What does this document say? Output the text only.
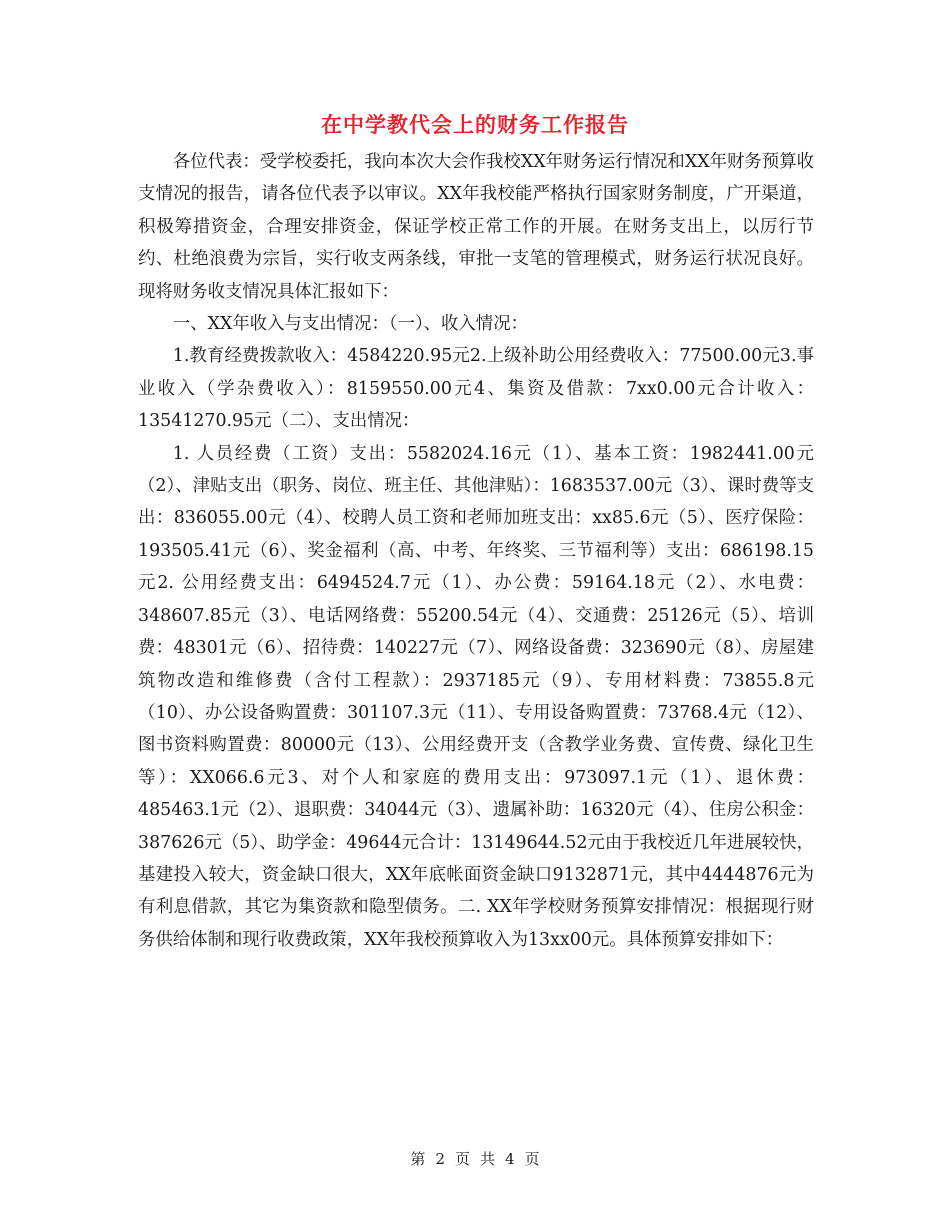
在中学教代会上的财务工作报告

各位代表：受学校委托，我向本次大会作我校XX年财务运行情况和XX年财务预算收支情况的报告，请各位代表予以审议。XX年我校能严格执行国家财务制度，广开渠道，积极筹措资金，合理安排资金，保证学校正常工作的开展。在财务支出上，以厉行节约、杜绝浪费为宗旨，实行收支两条线，审批一支笔的管理模式，财务运行状况良好。现将财务收支情况具体汇报如下：

一、XX年收入与支出情况：（一）、收入情况：

1.教育经费拨款收入：4584220.95元2.上级补助公用经费收入：77500.00元3.事业收入（学杂费收入）：8159550.00元4、集资及借款：7xx0.00元合计收入：13541270.95元（二）、支出情况：

1. 人员经费（工资）支出：5582024.16元（1）、基本工资：1982441.00元（2）、津贴支出（职务、岗位、班主任、其他津贴）：1683537.00元（3）、课时费等支出：836055.00元（4）、校聘人员工资和老师加班支出：xx85.6元（5）、医疗保险：193505.41元（6）、奖金福利（高、中考、年终奖、三节福利等）支出：686198.15元2. 公用经费支出：6494524.7元（1）、办公费：59164.18元（2）、水电费：348607.85元（3）、电话网络费：55200.54元（4）、交通费：25126元（5）、培训费：48301元（6）、招待费：140227元（7）、网络设备费：323690元（8）、房屋建筑物改造和维修费（含付工程款）：2937185元（9）、专用材料费：73855.8元（10）、办公设备购置费：301107.3元（11）、专用设备购置费：73768.4元（12）、图书资料购置费：80000元（13）、公用经费开支（含教学业务费、宣传费、绿化卫生等）：XX066.6元3、对个人和家庭的费用支出：973097.1元（1）、退休费：485463.1元（2）、退职费：34044元（3）、遗属补助：16320元（4）、住房公积金：387626元（5）、助学金：49644元合计：13149644.52元由于我校近几年进展较快，基建投入较大，资金缺口很大，XX年底帐面资金缺口9132871元，其中4444876元为有利息借款，其它为集资款和隐型债务。二. XX年学校财务预算安排情况：根据现行财务供给体制和现行收费政策，XX年我校预算收入为13xx00元。具体预算安排如下：

第 2 页 共 4 页
